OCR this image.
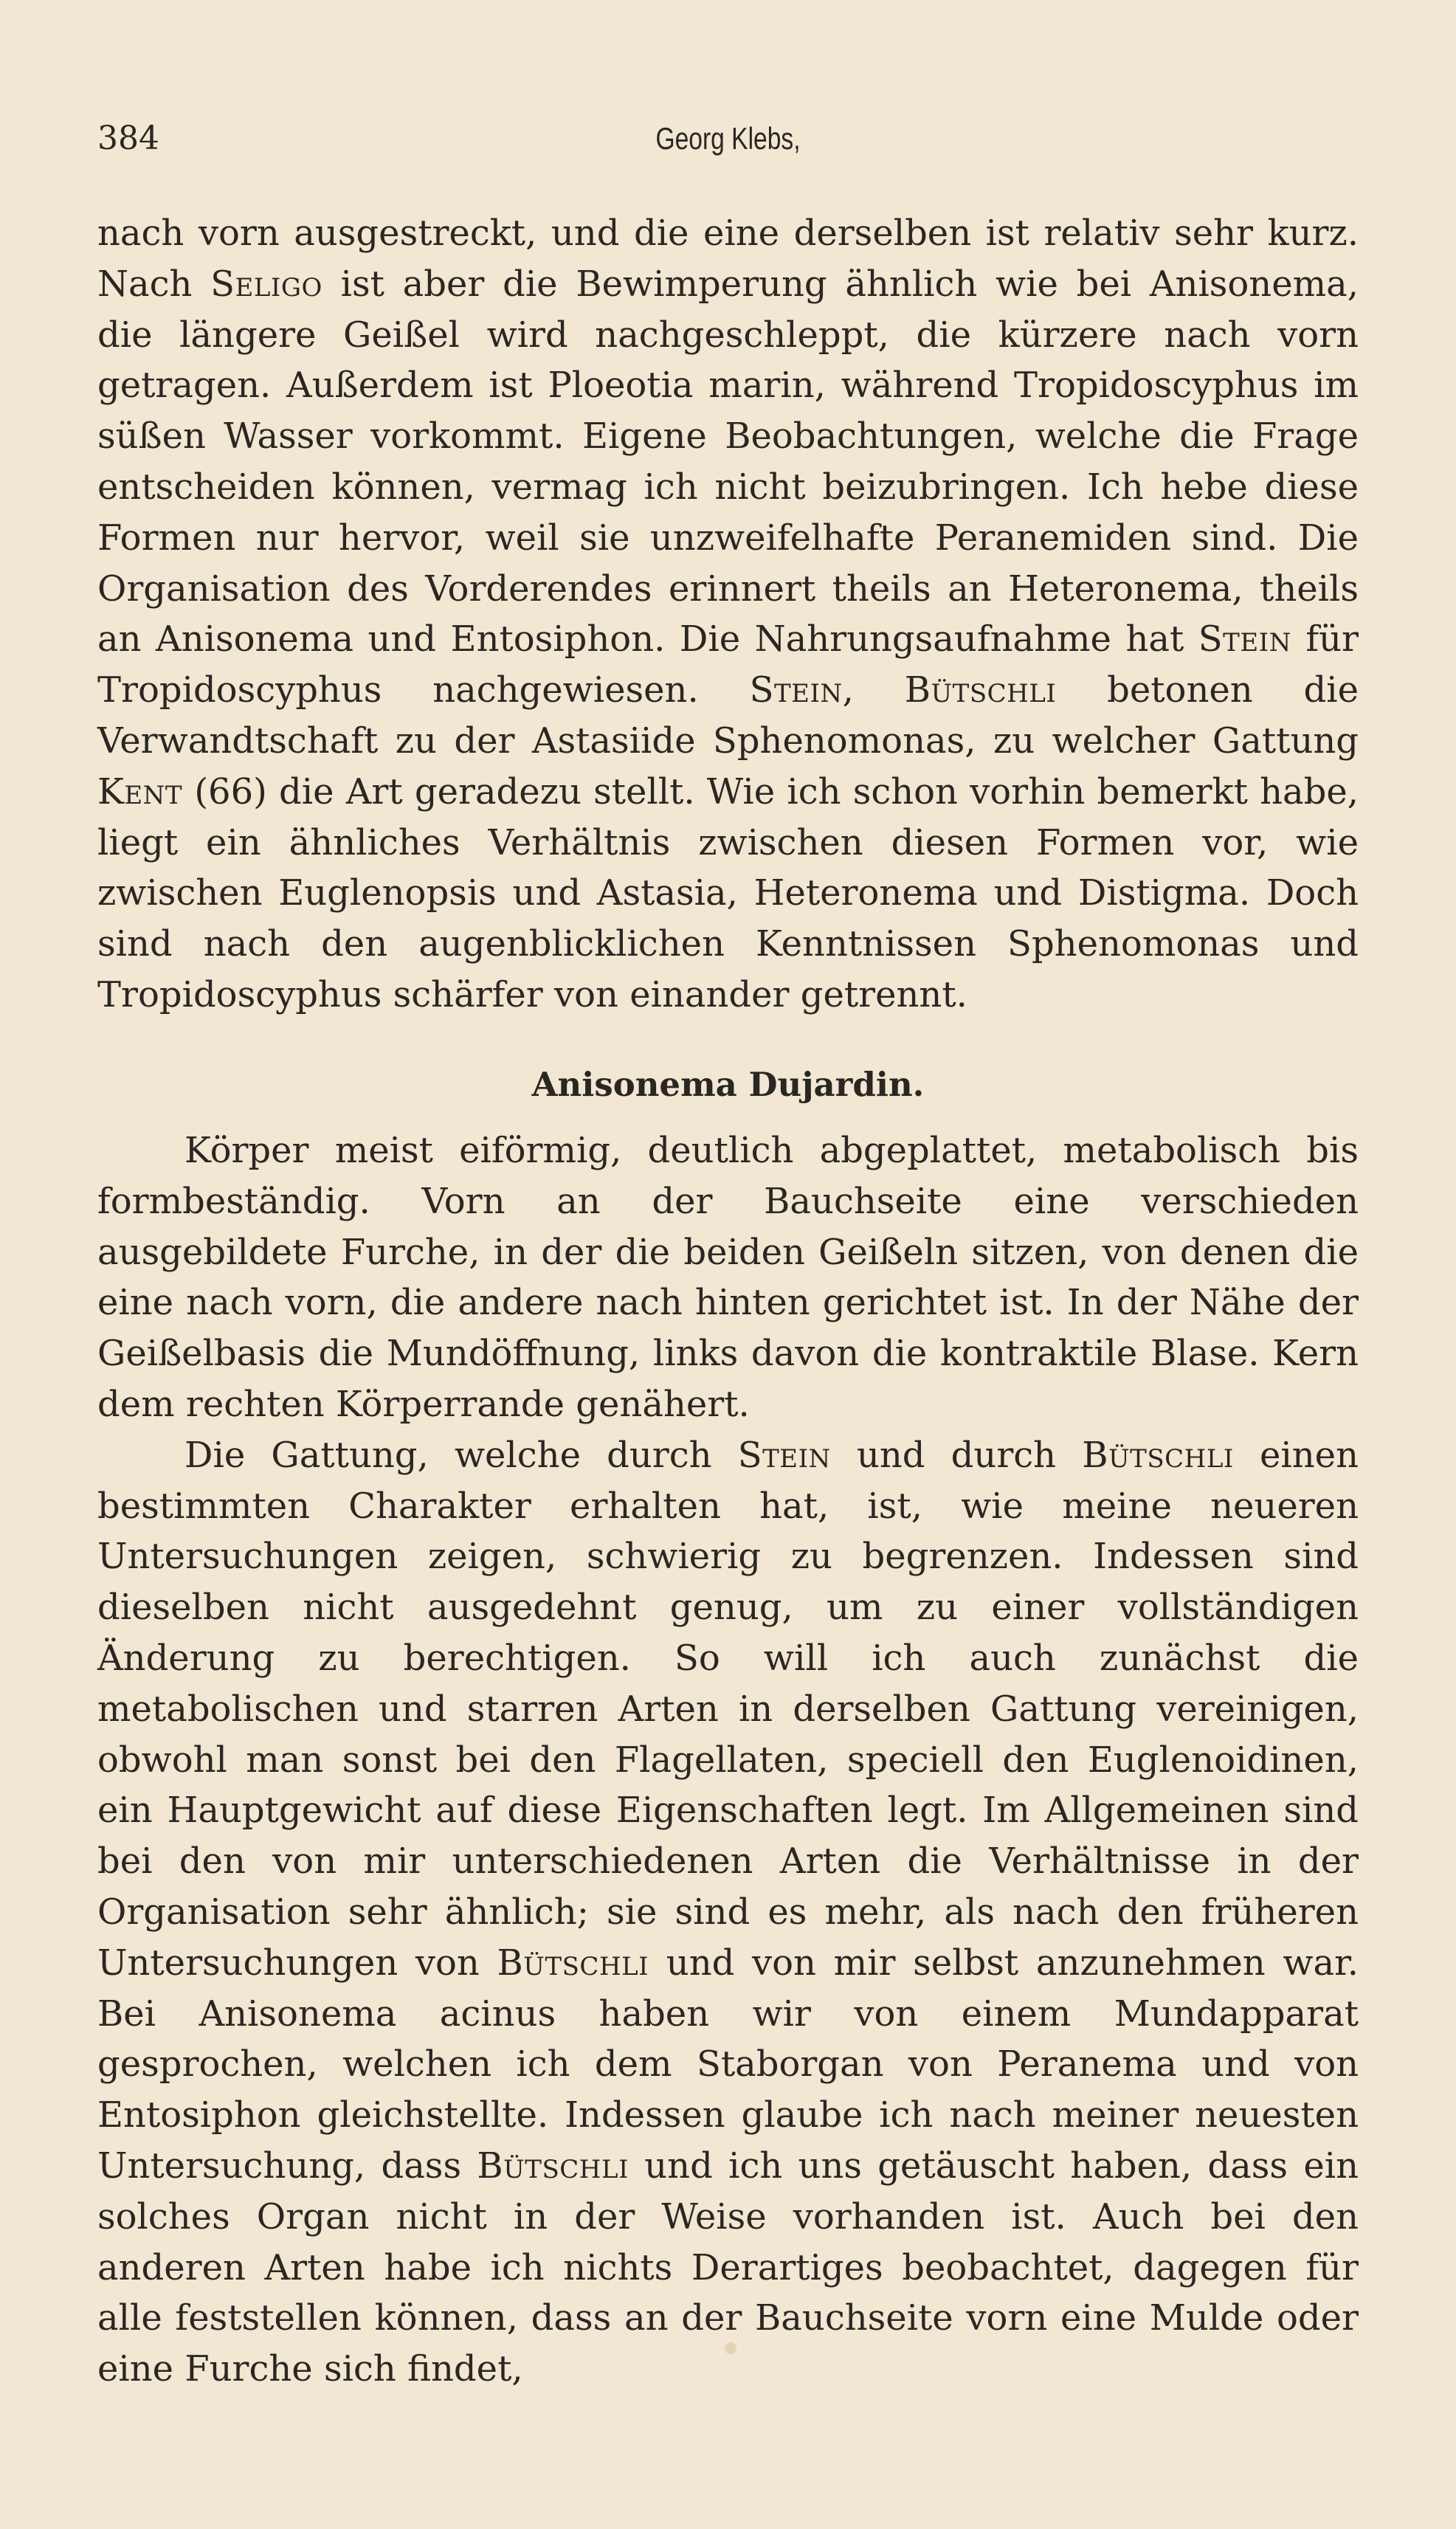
384	Georg Klebs,

nach vorn ausgestreckt, und die eine derselben ist relativ sehr kurz. Nach Seligo ist aber die Bewimperung ähnlich wie bei Anisonema, die längere Geißel wird nachgeschleppt, die kürzere nach vorn getragen. Außerdem ist Ploeotia marin, während Tropidoscyphus im süßen Wasser vorkommt. Eigene Beobachtungen, welche die Frage entscheiden können, vermag ich nicht beizubringen. Ich hebe diese Formen nur hervor, weil sie unzweifelhafte Peranemiden sind. Die Organisation des Vorderendes erinnert theils an Heteronema, theils an Anisonema und Entosiphon. Die Nahrungsaufnahme hat Stein für Tropidoscyphus nachgewiesen. Stein, Bütschli betonen die Verwandtschaft zu der Astasiide Sphenomonas, zu welcher Gattung Kent (66) die Art geradezu stellt. Wie ich schon vorhin bemerkt habe, liegt ein ähnliches Verhältnis zwischen diesen Formen vor, wie zwischen Euglenopsis und Astasia, Heteronema und Distigma. Doch sind nach den augenblicklichen Kenntnissen Sphenomonas und Tropidoscyphus schärfer von einander getrennt.

Anisonema Dujardin.

Körper meist eiförmig, deutlich abgeplattet, metabolisch bis formbeständig. Vorn an der Bauchseite eine verschieden ausgebildete Furche, in der die beiden Geißeln sitzen, von denen die eine nach vorn, die andere nach hinten gerichtet ist. In der Nähe der Geißelbasis die Mundöffnung, links davon die kontraktile Blase. Kern dem rechten Körperrande genähert.

Die Gattung, welche durch Stein und durch Bütschli einen bestimmten Charakter erhalten hat, ist, wie meine neueren Untersuchungen zeigen, schwierig zu begrenzen. Indessen sind dieselben nicht ausgedehnt genug, um zu einer vollständigen Änderung zu berechtigen. So will ich auch zunächst die metabolischen und starren Arten in derselben Gattung vereinigen, obwohl man sonst bei den Flagellaten, speciell den Euglenoidinen, ein Hauptgewicht auf diese Eigenschaften legt. Im Allgemeinen sind bei den von mir unterschiedenen Arten die Verhältnisse in der Organisation sehr ähnlich; sie sind es mehr, als nach den früheren Untersuchungen von Bütschli und von mir selbst anzunehmen war. Bei Anisonema acinus haben wir von einem Mundapparat gesprochen, welchen ich dem Staborgan von Peranema und von Entosiphon gleichstellte. Indessen glaube ich nach meiner neuesten Untersuchung, dass Bütschli und ich uns getäuscht haben, dass ein solches Organ nicht in der Weise vorhanden ist. Auch bei den anderen Arten habe ich nichts Derartiges beobachtet, dagegen für alle feststellen können, dass an der Bauchseite vorn eine Mulde oder eine Furche sich findet,
